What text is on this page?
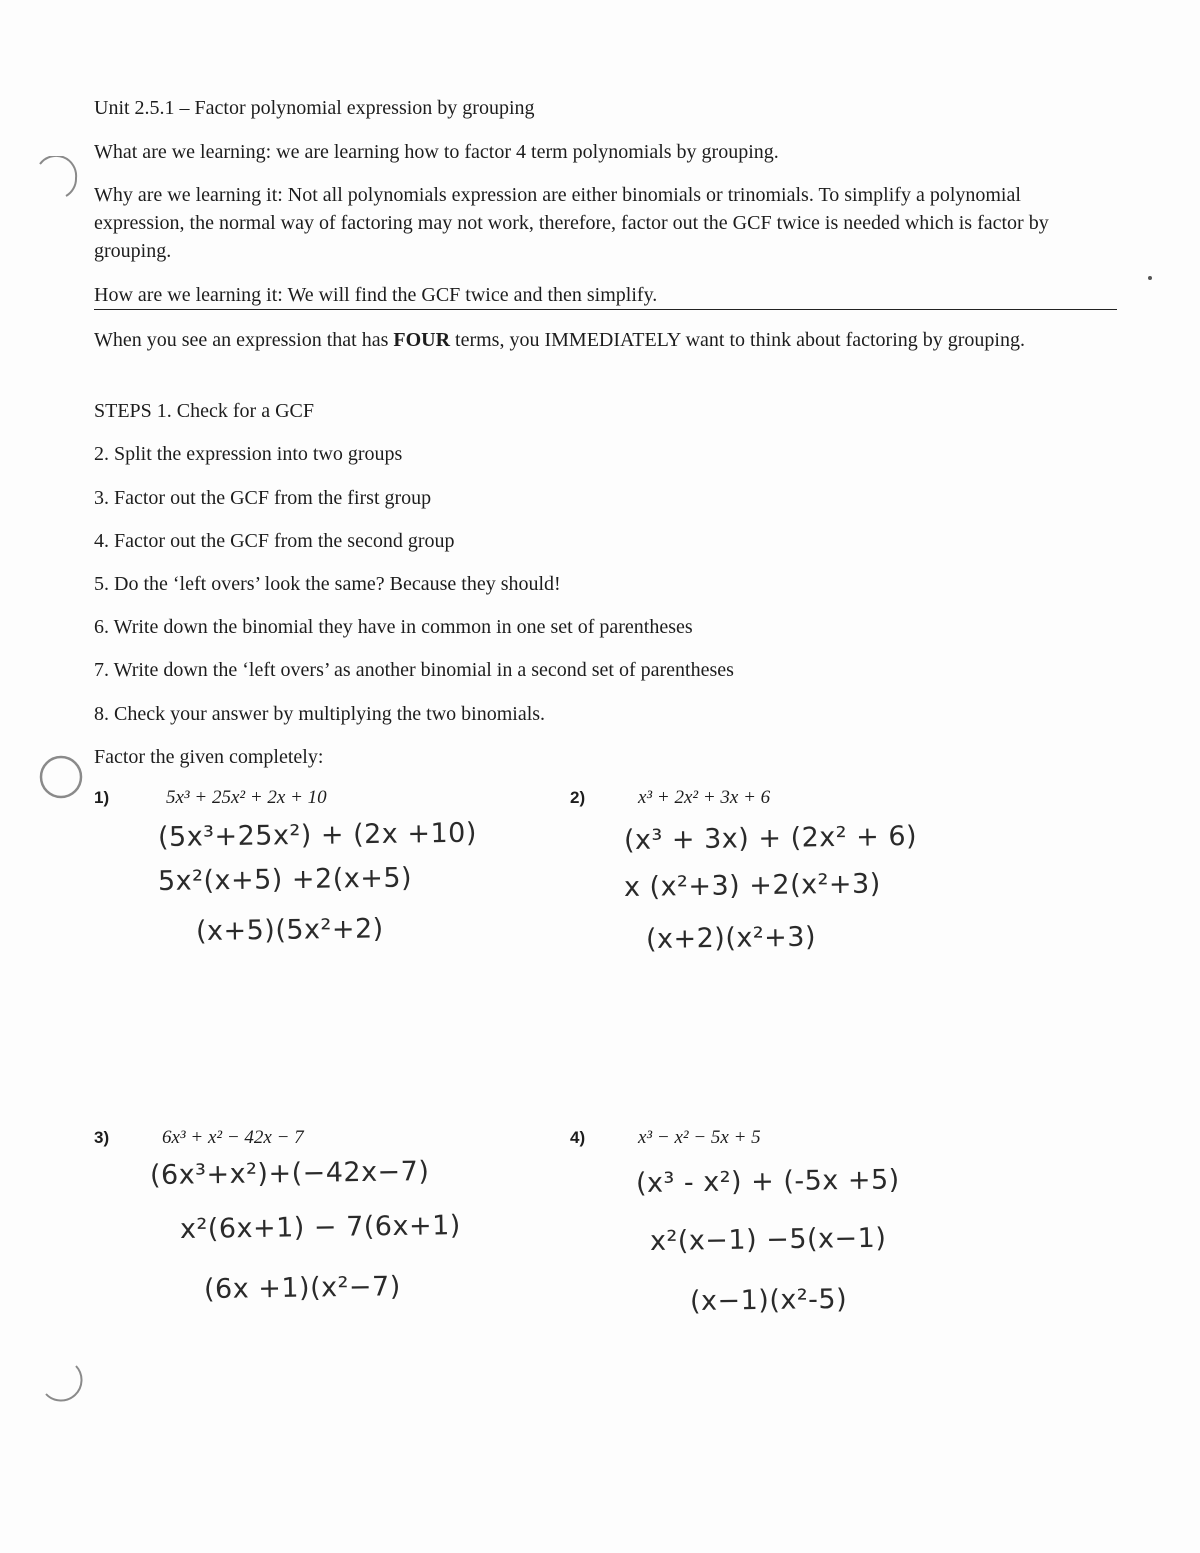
Unit 2.5.1 – Factor polynomial expression by grouping
What are we learning: we are learning how to factor 4 term polynomials by grouping.
Why are we learning it: Not all polynomials expression are either binomials or trinomials. To simplify a polynomial expression, the normal way of factoring may not work, therefore, factor out the GCF twice is needed which is factor by grouping.
How are we learning it: We will find the GCF twice and then simplify.
When you see an expression that has FOUR terms, you IMMEDIATELY want to think about factoring by grouping.
STEPS 1. Check for a GCF
2. Split the expression into two groups
3. Factor out the GCF from the first group
4. Factor out the GCF from the second group
5. Do the ‘left overs’ look the same? Because they should!
6. Write down the binomial they have in common in one set of parentheses
7. Write down the ‘left overs’ as another binomial in a second set of parentheses
8. Check your answer by multiplying the two binomials.
Factor the given completely:
1)	5x³ + 25x² + 2x + 10
(5x³+25x²) + (2x +10)
5x²(x+5) +2(x+5)
(x+5)(5x²+2)
2)	x³ + 2x² + 3x + 6
(x³ + 3x) + (2x² + 6)
x (x²+3) +2(x²+3)
(x+2)(x²+3)
3)	6x³ + x² − 42x − 7
(6x³+x²)+(−42x−7)
x²(6x+1) − 7(6x+1)
(6x +1)(x²−7)
4)	x³ − x² − 5x + 5
(x³ - x²) + (-5x +5)
x²(x−1) −5(x−1)
(x−1)(x²-5)
